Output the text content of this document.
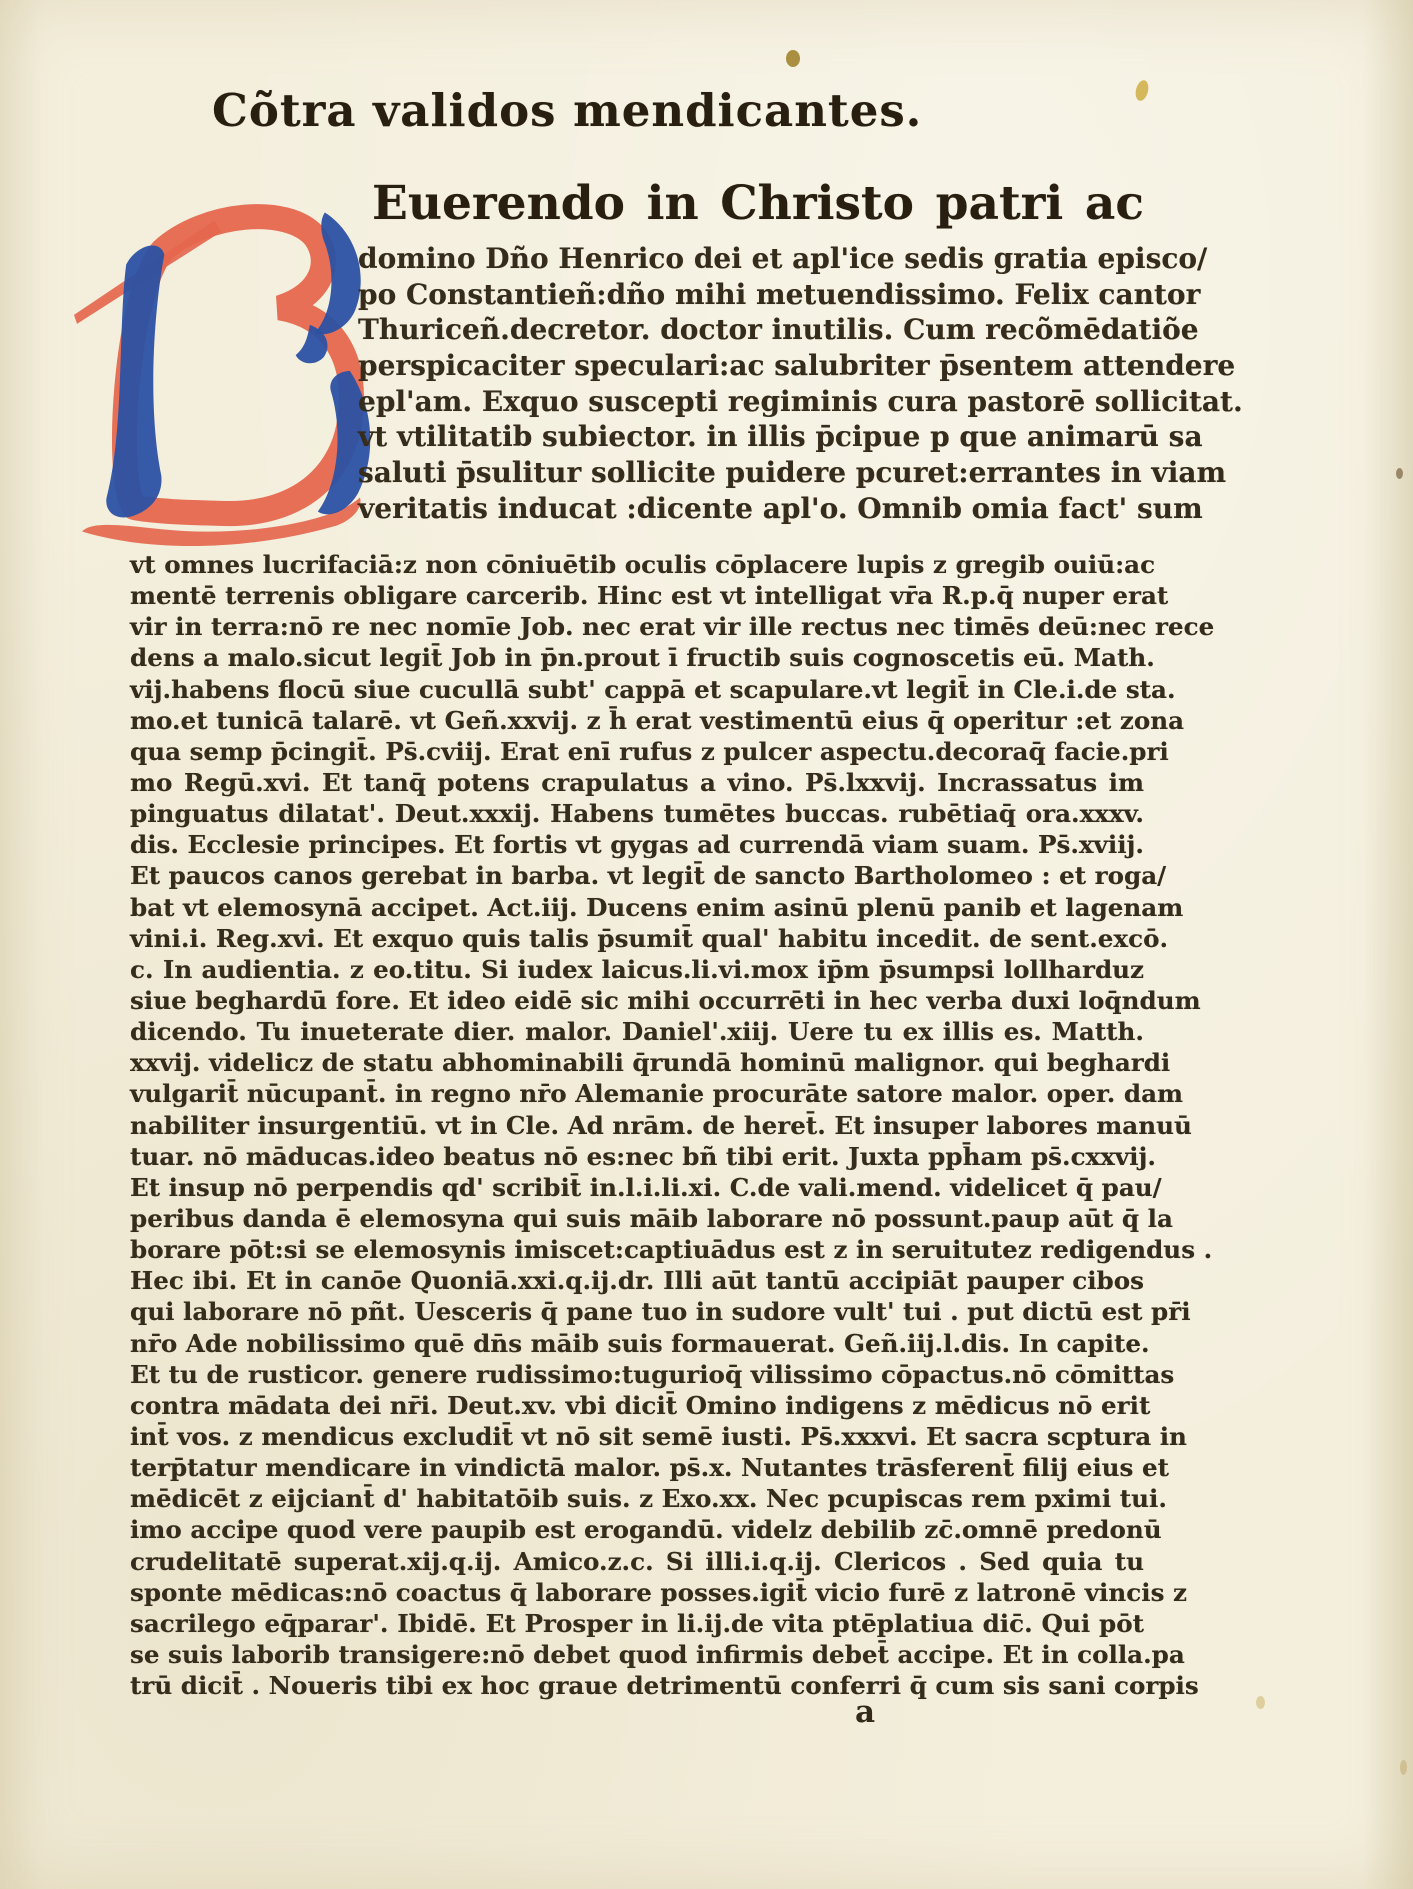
Cõtra validos mendicantes.
Euerendo in Christo patri ac
domino Dño Henrico dei et apl'ice sedis gratia episco/
po Constantieñ:dño mihi metuendissimo. Felix cantor
Thuriceñ.decretor. doctor inutilis. Cum recõmēdatiõe
perspicaciter speculari:ac salubriter p̄sentem attendere
epl'am. Exquo suscepti regiminis cura pastorē sollicitat.
vt vtilitatib subiector. in illis p̄cipue p que animarū sa
saluti p̄sulitur sollicite puidere pcuret:errantes in viam
veritatis inducat :dicente apl'o. Omnib omia fact' sum
vt omnes lucrifaciā:z non cōniuētib oculis cōplacere lupis z gregib ouiū:ac
mentē terrenis obligare carcerib. Hinc est vt intelligat vr̄a R.p.q̄ nuper erat
vir in terra:nō re nec nomīe Job. nec erat vir ille rectus nec timēs deū:nec rece
dens a malo.sicut legit̄ Job in p̄n.prout ī fructib suis cognoscetis eū. Math.
vij.habens flocū siue cucullā subt' cappā et scapulare.vt legit̄ in Cle.i.de sta.
mo.et tunicā talarē. vt Geñ.xxvij. z h̄ erat vestimentū eius q̄ operitur :et zona
qua semp p̄cingit̄. Ps̄.cviij. Erat enī rufus z pulcer aspectu.decoraq̄ facie.pri
mo Regū.xvi. Et tanq̄ potens crapulatus a vino. Ps̄.lxxvij. Incrassatus im
pinguatus dilatat'. Deut.xxxij. Habens tumētes buccas. rubētiaq̄ ora.xxxv.
dis. Ecclesie principes. Et fortis vt gygas ad currendā viam suam. Ps̄.xviij.
Et paucos canos gerebat in barba. vt legit̄ de sancto Bartholomeo : et roga/
bat vt elemosynā accipet. Act.iij. Ducens enim asinū plenū panib et lagenam
vini.i. Reg.xvi. Et exquo quis talis p̄sumit̄ qual' habitu incedit. de sent.excō.
c. In audientia. z eo.titu. Si iudex laicus.li.vi.mox ip̄m p̄sumpsi lollharduz
siue beghardū fore. Et ideo eidē sic mihi occurrēti in hec verba duxi loq̄ndum
dicendo. Tu inueterate dier. malor. Daniel'.xiij. Uere tu ex illis es. Matth.
xxvij. videlicz de statu abhominabili q̄rundā hominū malignor. qui beghardi
vulgarit̄ nūcupant̄. in regno nr̄o Alemanie procurāte satore malor. oper. dam
nabiliter insurgentiū. vt in Cle. Ad nrām. de heret̄. Et insuper labores manuū
tuar. nō māducas.ideo beatus nō es:nec bñ tibi erit. Juxta pph̄am ps̄.cxxvij.
Et insup nō perpendis qd' scribit̄ in.l.i.li.xi. C.de vali.mend. videlicet q̄ pau/
peribus danda ē elemosyna qui suis māib laborare nō possunt.paup aūt q̄ la
borare pōt:si se elemosynis imiscet:captiuādus est z in seruitutez redigendus .
Hec ibi. Et in canōe Quoniā.xxi.q.ij.dr. Illi aūt tantū accipiāt pauper cibos
qui laborare nō pñt. Uesceris q̄ pane tuo in sudore vult' tui . put dictū est pr̄i
nr̄o Ade nobilissimo quē dn̄s māib suis formauerat. Geñ.iij.l.dis. In capite.
Et tu de rusticor. genere rudissimo:tugurioq̄ vilissimo cōpactus.nō cōmittas
contra mādata dei nr̄i. Deut.xv. vbi dicit̄ Omino indigens z mēdicus nō erit
int̄ vos. z mendicus excludit̄ vt nō sit semē iusti. Ps̄.xxxvi. Et sacra scptura in
terp̄tatur mendicare in vindictā malor. ps̄.x. Nutantes trāsferent̄ filij eius et
mēdicēt z eijciant̄ d' habitatōib suis. z Exo.xx. Nec pcupiscas rem pximi tui.
imo accipe quod vere paupib est erogandū. videlz debilib zc̄.omnē predonū
crudelitatē superat.xij.q.ij. Amico.z.c. Si illi.i.q.ij. Clericos . Sed quia tu
sponte mēdicas:nō coactus q̄ laborare posses.igit̄ vicio furē z latronē vincis z
sacrilego eq̄parar'. Ibidē. Et Prosper in li.ij.de vita ptēplatiua dic̄. Qui pōt
se suis laborib transigere:nō debet quod infirmis debet̄ accipe. Et in colla.pa
trū dicit̄ . Noueris tibi ex hoc graue detrimentū conferri q̄ cum sis sani corpis
a
